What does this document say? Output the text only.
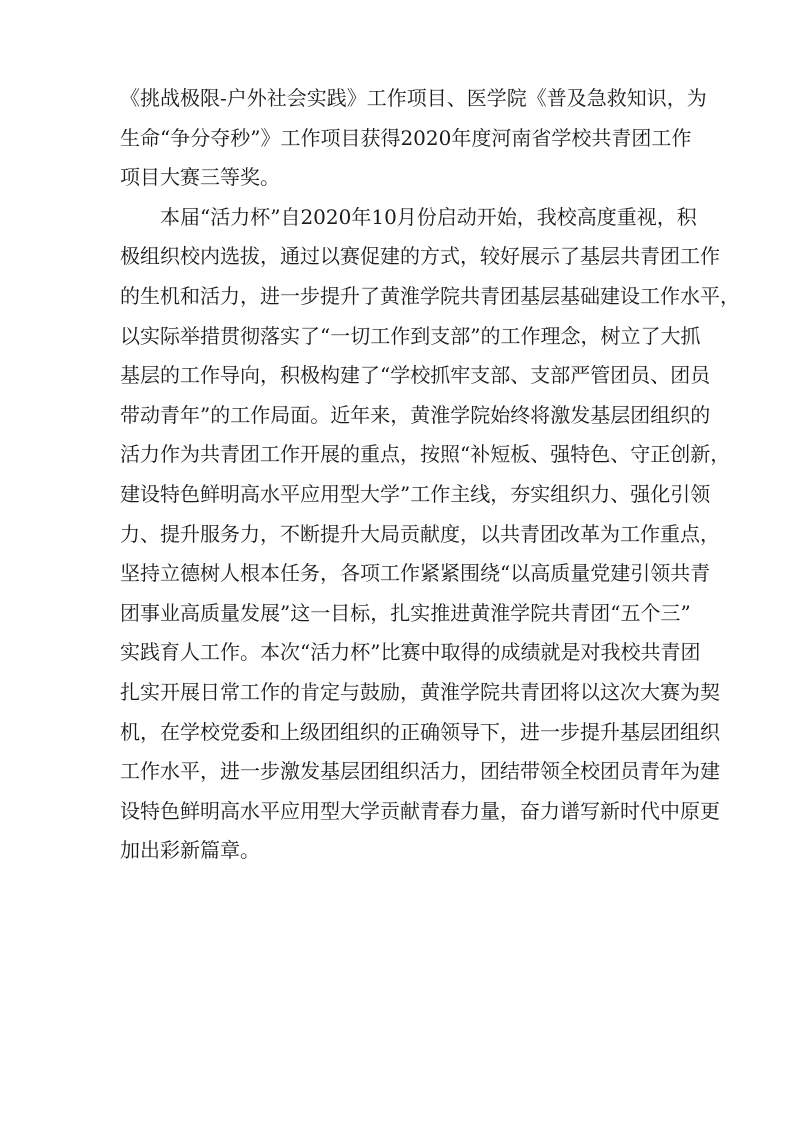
《挑战极限-户外社会实践》工作项目、医学院《普及急救知识，为
生命“争分夺秒”》工作项目获得2020年度河南省学校共青团工作
项目大赛三等奖。
　　本届“活力杯”自2020年10月份启动开始，我校高度重视，积
极组织校内选拔，通过以赛促建的方式，较好展示了基层共青团工作
的生机和活力，进一步提升了黄淮学院共青团基层基础建设工作水平，
以实际举措贯彻落实了“一切工作到支部”的工作理念，树立了大抓
基层的工作导向，积极构建了“学校抓牢支部、支部严管团员、团员
带动青年”的工作局面。近年来，黄淮学院始终将激发基层团组织的
活力作为共青团工作开展的重点，按照“补短板、强特色、守正创新，
建设特色鲜明高水平应用型大学”工作主线，夯实组织力、强化引领
力、提升服务力，不断提升大局贡献度，以共青团改革为工作重点，
坚持立德树人根本任务，各项工作紧紧围绕“以高质量党建引领共青
团事业高质量发展”这一目标，扎实推进黄淮学院共青团“五个三”
实践育人工作。本次“活力杯”比赛中取得的成绩就是对我校共青团
扎实开展日常工作的肯定与鼓励，黄淮学院共青团将以这次大赛为契
机，在学校党委和上级团组织的正确领导下，进一步提升基层团组织
工作水平，进一步激发基层团组织活力，团结带领全校团员青年为建
设特色鲜明高水平应用型大学贡献青春力量，奋力谱写新时代中原更
加出彩新篇章。
